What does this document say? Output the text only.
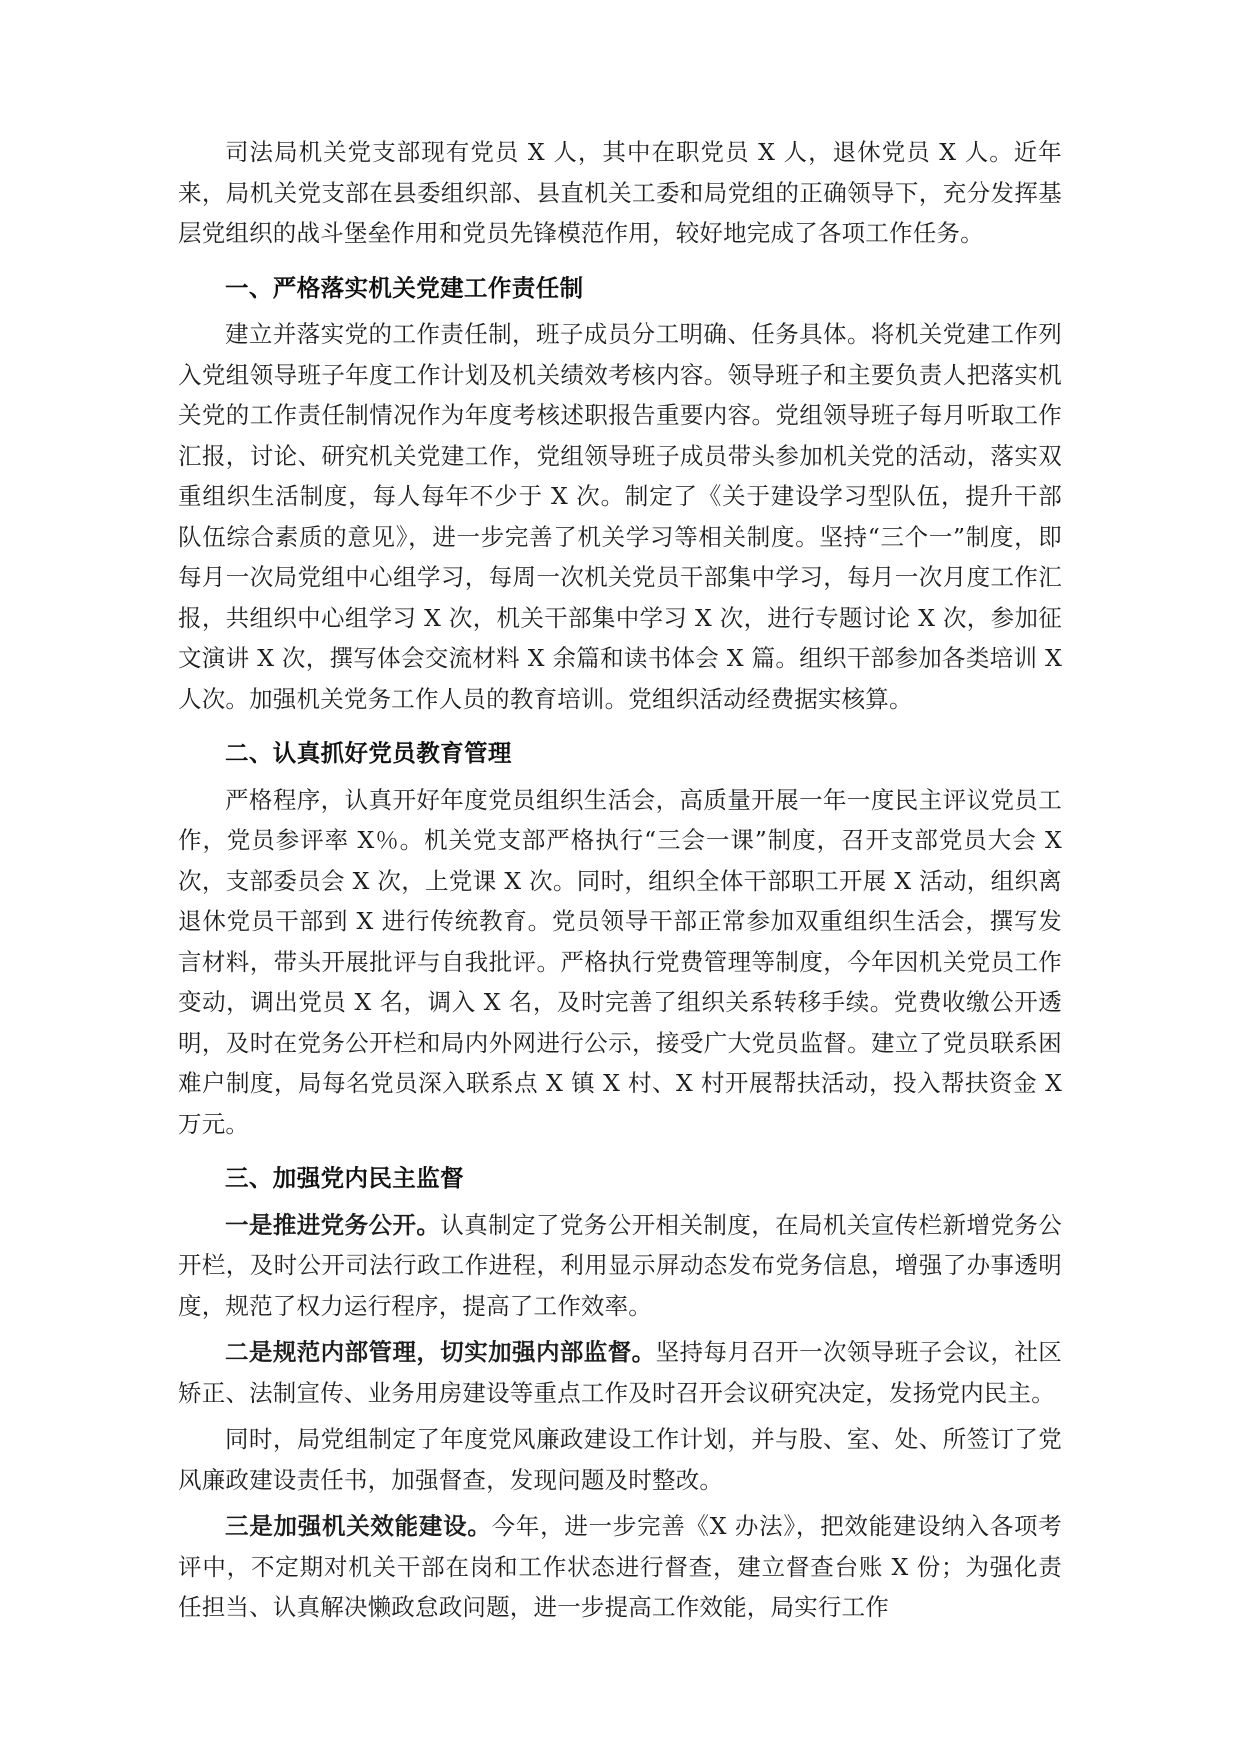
司法局机关党支部现有党员 X 人，其中在职党员 X 人，退休党员 X 人。近年来，局机关党支部在县委组织部、县直机关工委和局党组的正确领导下，充分发挥基层党组织的战斗堡垒作用和党员先锋模范作用，较好地完成了各项工作任务。

一、严格落实机关党建工作责任制

建立并落实党的工作责任制，班子成员分工明确、任务具体。将机关党建工作列入党组领导班子年度工作计划及机关绩效考核内容。领导班子和主要负责人把落实机关党的工作责任制情况作为年度考核述职报告重要内容。党组领导班子每月听取工作汇报，讨论、研究机关党建工作，党组领导班子成员带头参加机关党的活动，落实双重组织生活制度，每人每年不少于 X 次。制定了《关于建设学习型队伍，提升干部队伍综合素质的意见》，进一步完善了机关学习等相关制度。坚持“三个一”制度，即每月一次局党组中心组学习，每周一次机关党员干部集中学习，每月一次月度工作汇报，共组织中心组学习 X 次，机关干部集中学习 X 次，进行专题讨论 X 次，参加征文演讲 X 次，撰写体会交流材料 X 余篇和读书体会 X 篇。组织干部参加各类培训 X 人次。加强机关党务工作人员的教育培训。党组织活动经费据实核算。

二、认真抓好党员教育管理

严格程序，认真开好年度党员组织生活会，高质量开展一年一度民主评议党员工作，党员参评率 X％。机关党支部严格执行“三会一课”制度，召开支部党员大会 X 次，支部委员会 X 次，上党课 X 次。同时，组织全体干部职工开展 X 活动，组织离退休党员干部到 X 进行传统教育。党员领导干部正常参加双重组织生活会，撰写发言材料，带头开展批评与自我批评。严格执行党费管理等制度，今年因机关党员工作变动，调出党员 X 名，调入 X 名，及时完善了组织关系转移手续。党费收缴公开透明，及时在党务公开栏和局内外网进行公示，接受广大党员监督。建立了党员联系困难户制度，局每名党员深入联系点 X 镇 X 村、X 村开展帮扶活动，投入帮扶资金 X 万元。

三、加强党内民主监督

一是推进党务公开。认真制定了党务公开相关制度，在局机关宣传栏新增党务公开栏，及时公开司法行政工作进程，利用显示屏动态发布党务信息，增强了办事透明度，规范了权力运行程序，提高了工作效率。

二是规范内部管理，切实加强内部监督。坚持每月召开一次领导班子会议，社区矫正、法制宣传、业务用房建设等重点工作及时召开会议研究决定，发扬党内民主。

同时，局党组制定了年度党风廉政建设工作计划，并与股、室、处、所签订了党风廉政建设责任书，加强督查，发现问题及时整改。

三是加强机关效能建设。今年，进一步完善《X 办法》，把效能建设纳入各项考评中，不定期对机关干部在岗和工作状态进行督查，建立督查台账 X 份；为强化责任担当、认真解决懒政怠政问题，进一步提高工作效能，局实行工作
